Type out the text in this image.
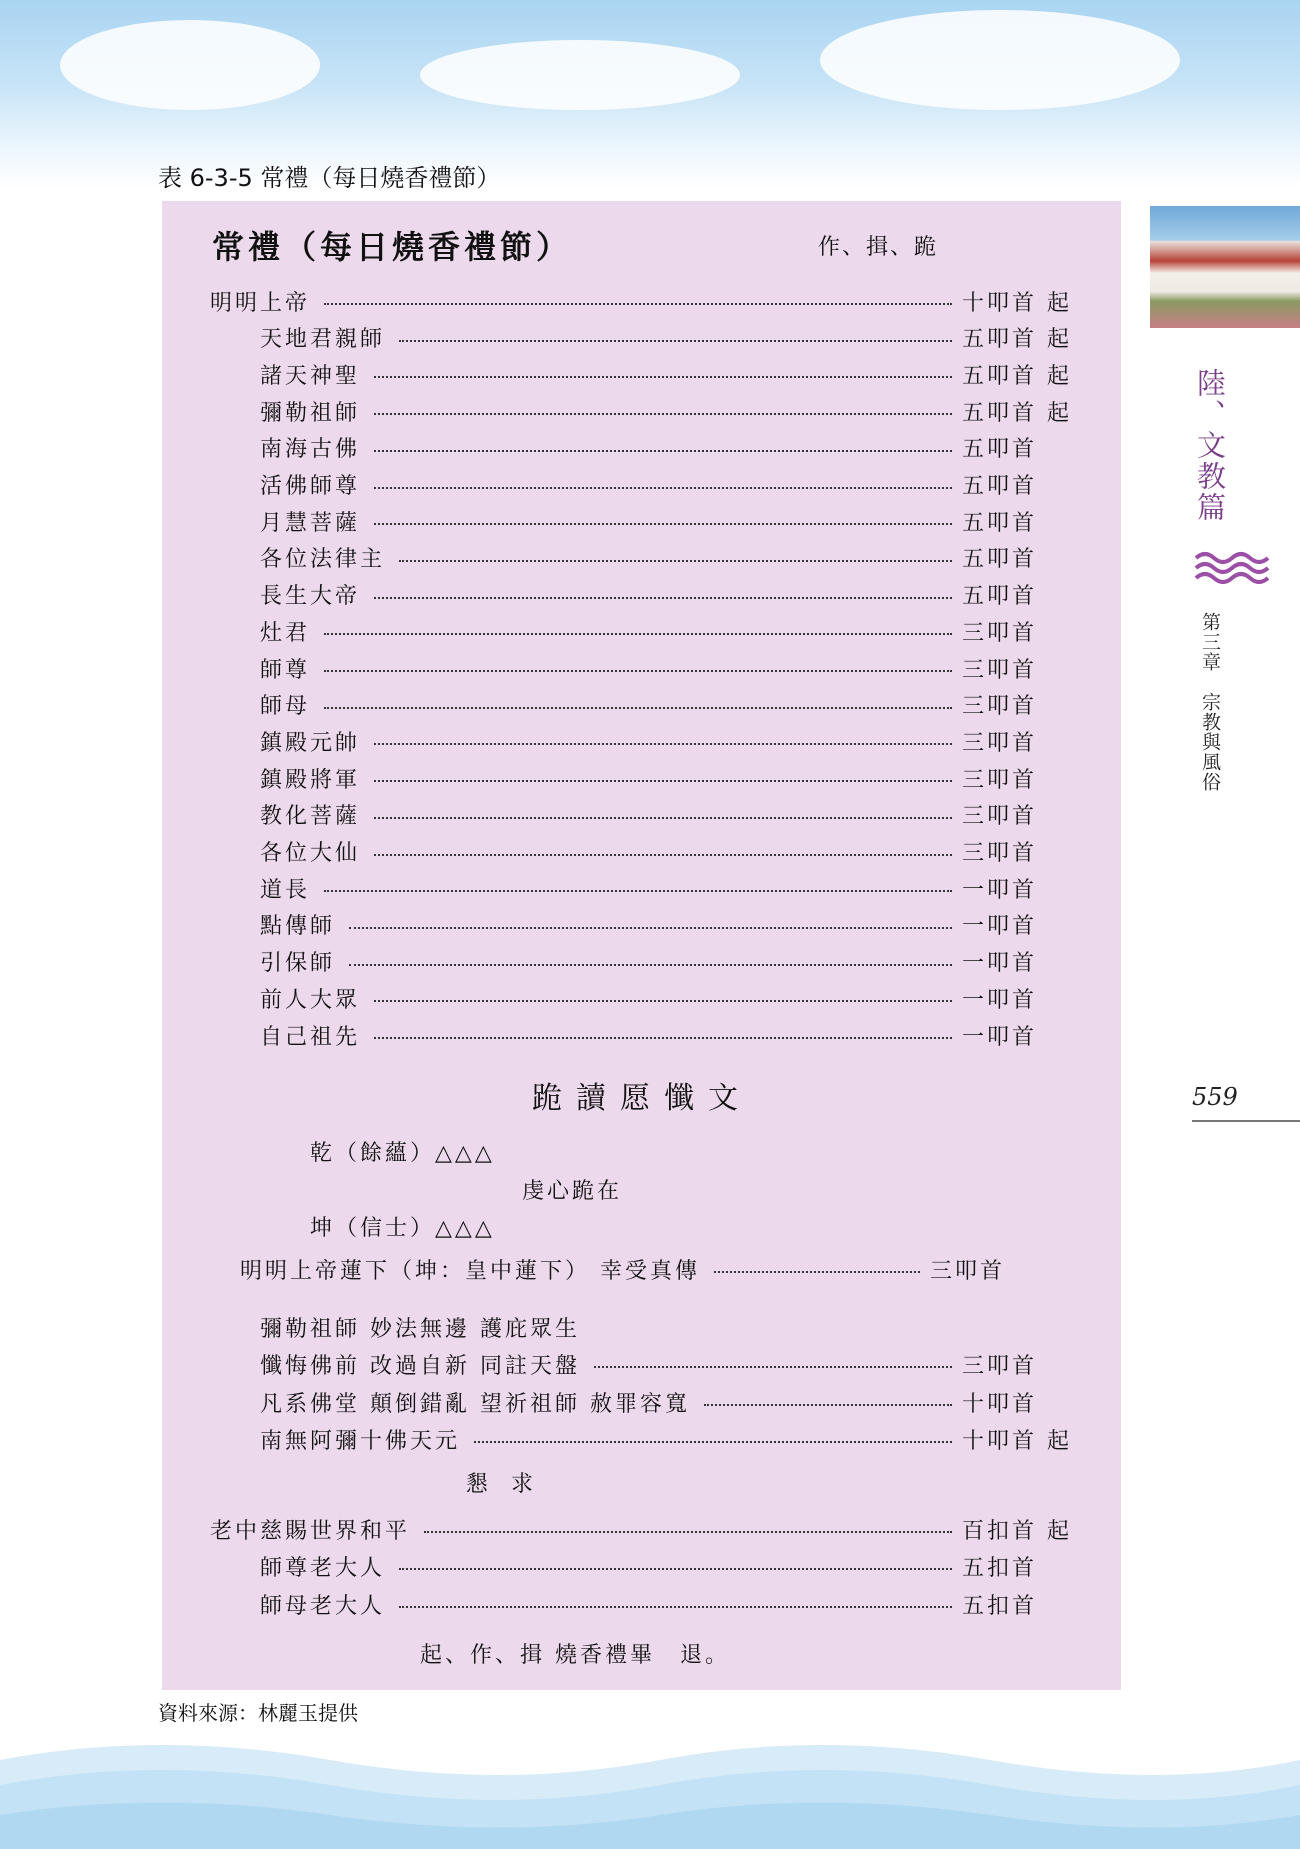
表 6-3-5 常禮（每日燒香禮節）
常禮（每日燒香禮節）	作、揖、跪
明明上帝	十叩首 起
天地君親師	五叩首 起
諸天神聖	五叩首 起
彌勒祖師	五叩首 起
南海古佛	五叩首
活佛師尊	五叩首
月慧菩薩	五叩首
各位法律主	五叩首
長生大帝	五叩首
灶君	三叩首
師尊	三叩首
師母	三叩首
鎮殿元帥	三叩首
鎮殿將軍	三叩首
教化菩薩	三叩首
各位大仙	三叩首
道長	一叩首
點傳師	一叩首
引保師	一叩首
前人大眾	一叩首
自己祖先	一叩首
跪讀愿懺文
乾（餘蘊）△△△
虔心跪在
坤（信士）△△△
明明上帝蓮下（坤：皇中蓮下） 幸受真傳	三叩首
彌勒祖師 妙法無邊 護庇眾生
懺悔佛前 改過自新 同註天盤	三叩首
凡系佛堂 顛倒錯亂 望祈祖師 赦罪容寬	十叩首
南無阿彌十佛天元	十叩首 起
懇 求
老中慈賜世界和平	百扣首 起
師尊老大人	五扣首
師母老大人	五扣首
起、作、揖 燒香禮畢　退。
資料來源：林麗玉提供
陸、文教篇
第三章　宗教與風俗
559
